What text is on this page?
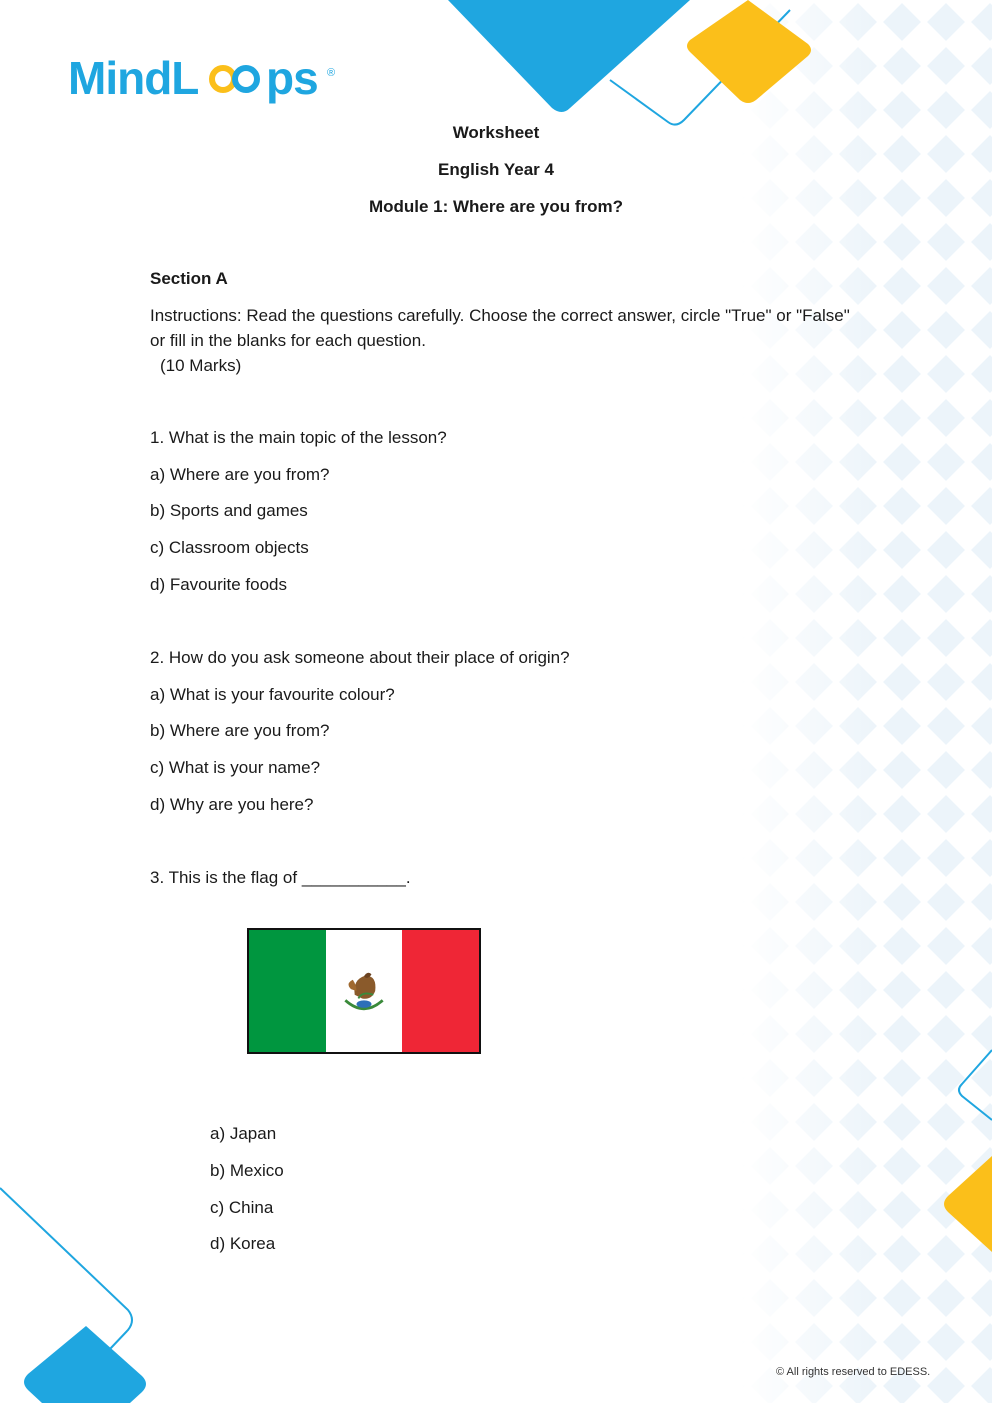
MindL ps ®
Worksheet
English Year 4
Module 1: Where are you from?
Section A
Instructions: Read the questions carefully. Choose the correct answer, circle "True" or "False" or fill in the blanks for each question.
(10 Marks)
1. What is the main topic of the lesson?
a) Where are you from?
b) Sports and games
c) Classroom objects
d) Favourite foods
2. How do you ask someone about their place of origin?
a) What is your favourite colour?
b) Where are you from?
c) What is your name?
d) Why are you here?
3. This is the flag of ___________.
a) Japan
b) Mexico
c) China
d) Korea
© All rights reserved to EDESS.
